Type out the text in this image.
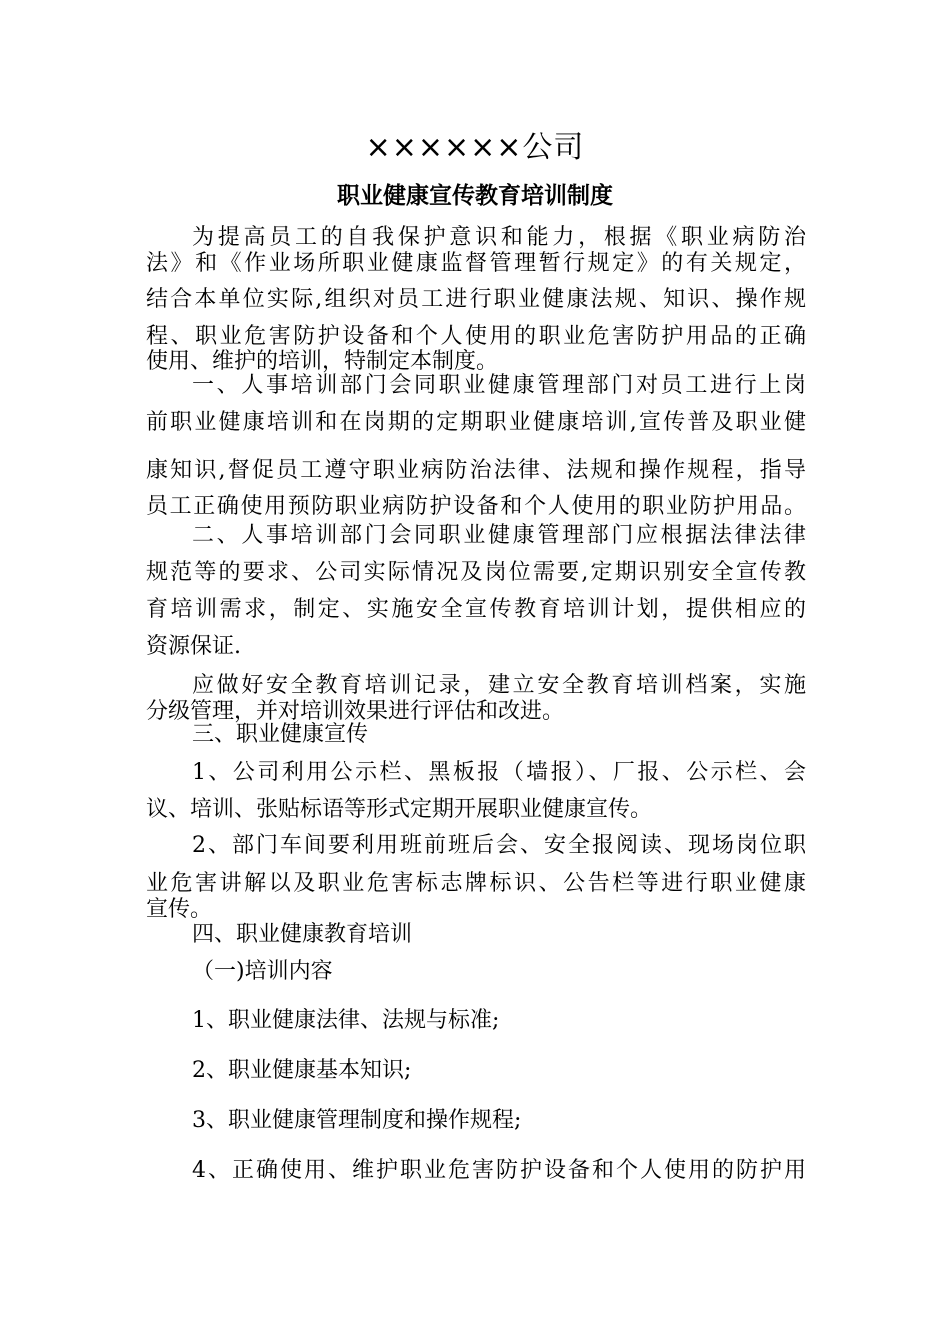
××××××公司
职业健康宣传教育培训制度
为提高员工的自我保护意识和能力，根据《职业病防治
法》和《作业场所职业健康监督管理暂行规定》的有关规定，
结合本单位实际,组织对员工进行职业健康法规、知识、操作规
程、职业危害防护设备和个人使用的职业危害防护用品的正确
使用、维护的培训，特制定本制度。
一、人事培训部门会同职业健康管理部门对员工进行上岗
前职业健康培训和在岗期的定期职业健康培训,宣传普及职业健
康知识,督促员工遵守职业病防治法律、法规和操作规程，指导
员工正确使用预防职业病防护设备和个人使用的职业防护用品。
二、人事培训部门会同职业健康管理部门应根据法律法律
规范等的要求、公司实际情况及岗位需要,定期识别安全宣传教
育培训需求，制定、实施安全宣传教育培训计划，提供相应的
资源保证.
应做好安全教育培训记录，建立安全教育培训档案，实施
分级管理，并对培训效果进行评估和改进。
三、职业健康宣传
1、公司利用公示栏、黑板报（墙报）、厂报、公示栏、会
议、培训、张贴标语等形式定期开展职业健康宣传。
2、部门车间要利用班前班后会、安全报阅读、现场岗位职
业危害讲解以及职业危害标志牌标识、公告栏等进行职业健康
宣传。
四、职业健康教育培训
（一)培训内容
1、职业健康法律、法规与标准;
2、职业健康基本知识;
3、职业健康管理制度和操作规程;
4、正确使用、维护职业危害防护设备和个人使用的防护用
